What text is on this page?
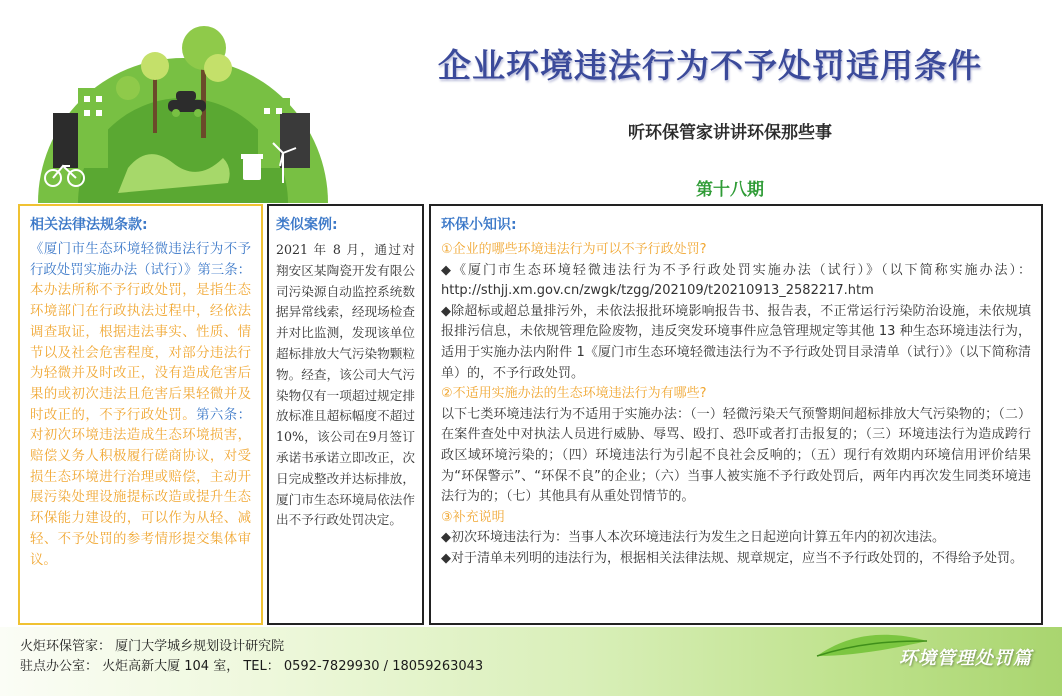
企业环境违法行为不予处罚适用条件
听环保管家讲讲环保那些事
第十八期
相关法律法规条款:
《厦门市生态环境轻微违法行为不予行政处罚实施办法（试行）》第三条：本办法所称不予行政处罚，是指生态环境部门在行政执法过程中，经依法调查取证，根据违法事实、性质、情节以及社会危害程度，对部分违法行为轻微并及时改正，没有造成危害后果的或初次违法且危害后果轻微并及时改正的，不予行政处罚。第六条：对初次环境违法造成生态环境损害，赔偿义务人积极履行磋商协议，对受损生态环境进行治理或赔偿，主动开展污染处理设施提标改造或提升生态环保能力建设的，可以作为从轻、减轻、不予处罚的参考情形提交集体审议。
类似案例:
2021 年 8 月，通过对翔安区某陶瓷开发有限公司污染源自动监控系统数据异常线索，经现场检查并对比监测，发现该单位超标排放大气污染物颗粒物。经查，该公司大气污染物仅有一项超过规定排放标准且超标幅度不超过 10%，该公司在9月签订承诺书承诺立即改正，次日完成整改并达标排放，厦门市生态环境局依法作出不予行政处罚决定。
环保小知识:
①企业的哪些环境违法行为可以不予行政处罚?

◆《厦门市生态环境轻微违法行为不予行政处罚实施办法（试行）》（以下简称实施办法）：http://sthjj.xm.gov.cn/zwgk/tzgg/202109/t20210913_2582217.htm

◆除超标或超总量排污外，未依法报批环境影响报告书、报告表，不正常运行污染防治设施，未依规填报排污信息，未依规管理危险废物，违反突发环境事件应急管理规定等其他 13 种生态环境违法行为，适用于实施办法内附件 1《厦门市生态环境轻微违法行为不予行政处罚目录清单（试行）》（以下简称清单）的，不予行政处罚。

②不适用实施办法的生态环境违法行为有哪些?

以下七类环境违法行为不适用于实施办法：（一）轻微污染天气预警期间超标排放大气污染物的；（二）在案件查处中对执法人员进行威胁、辱骂、殴打、恐吓或者打击报复的；（三）环境违法行为造成跨行政区域环境污染的；（四）环境违法行为引起不良社会反响的；（五）现行有效期内环境信用评价结果为“环保警示”、“环保不良”的企业；（六）当事人被实施不予行政处罚后，两年内再次发生同类环境违法行为的；（七）其他具有从重处罚情节的。

③补充说明

◆初次环境违法行为：当事人本次环境违法行为发生之日起逆向计算五年内的初次违法。

◆对于清单未列明的违法行为，根据相关法律法规、规章规定，应当不予行政处罚的，不得给予处罚。

火炬环保管家： 厦门大学城乡规划设计研究院
驻点办公室： 火炬高新大厦 104 室， TEL： 0592-7829930 / 18059263043	环境管理处罚篇
